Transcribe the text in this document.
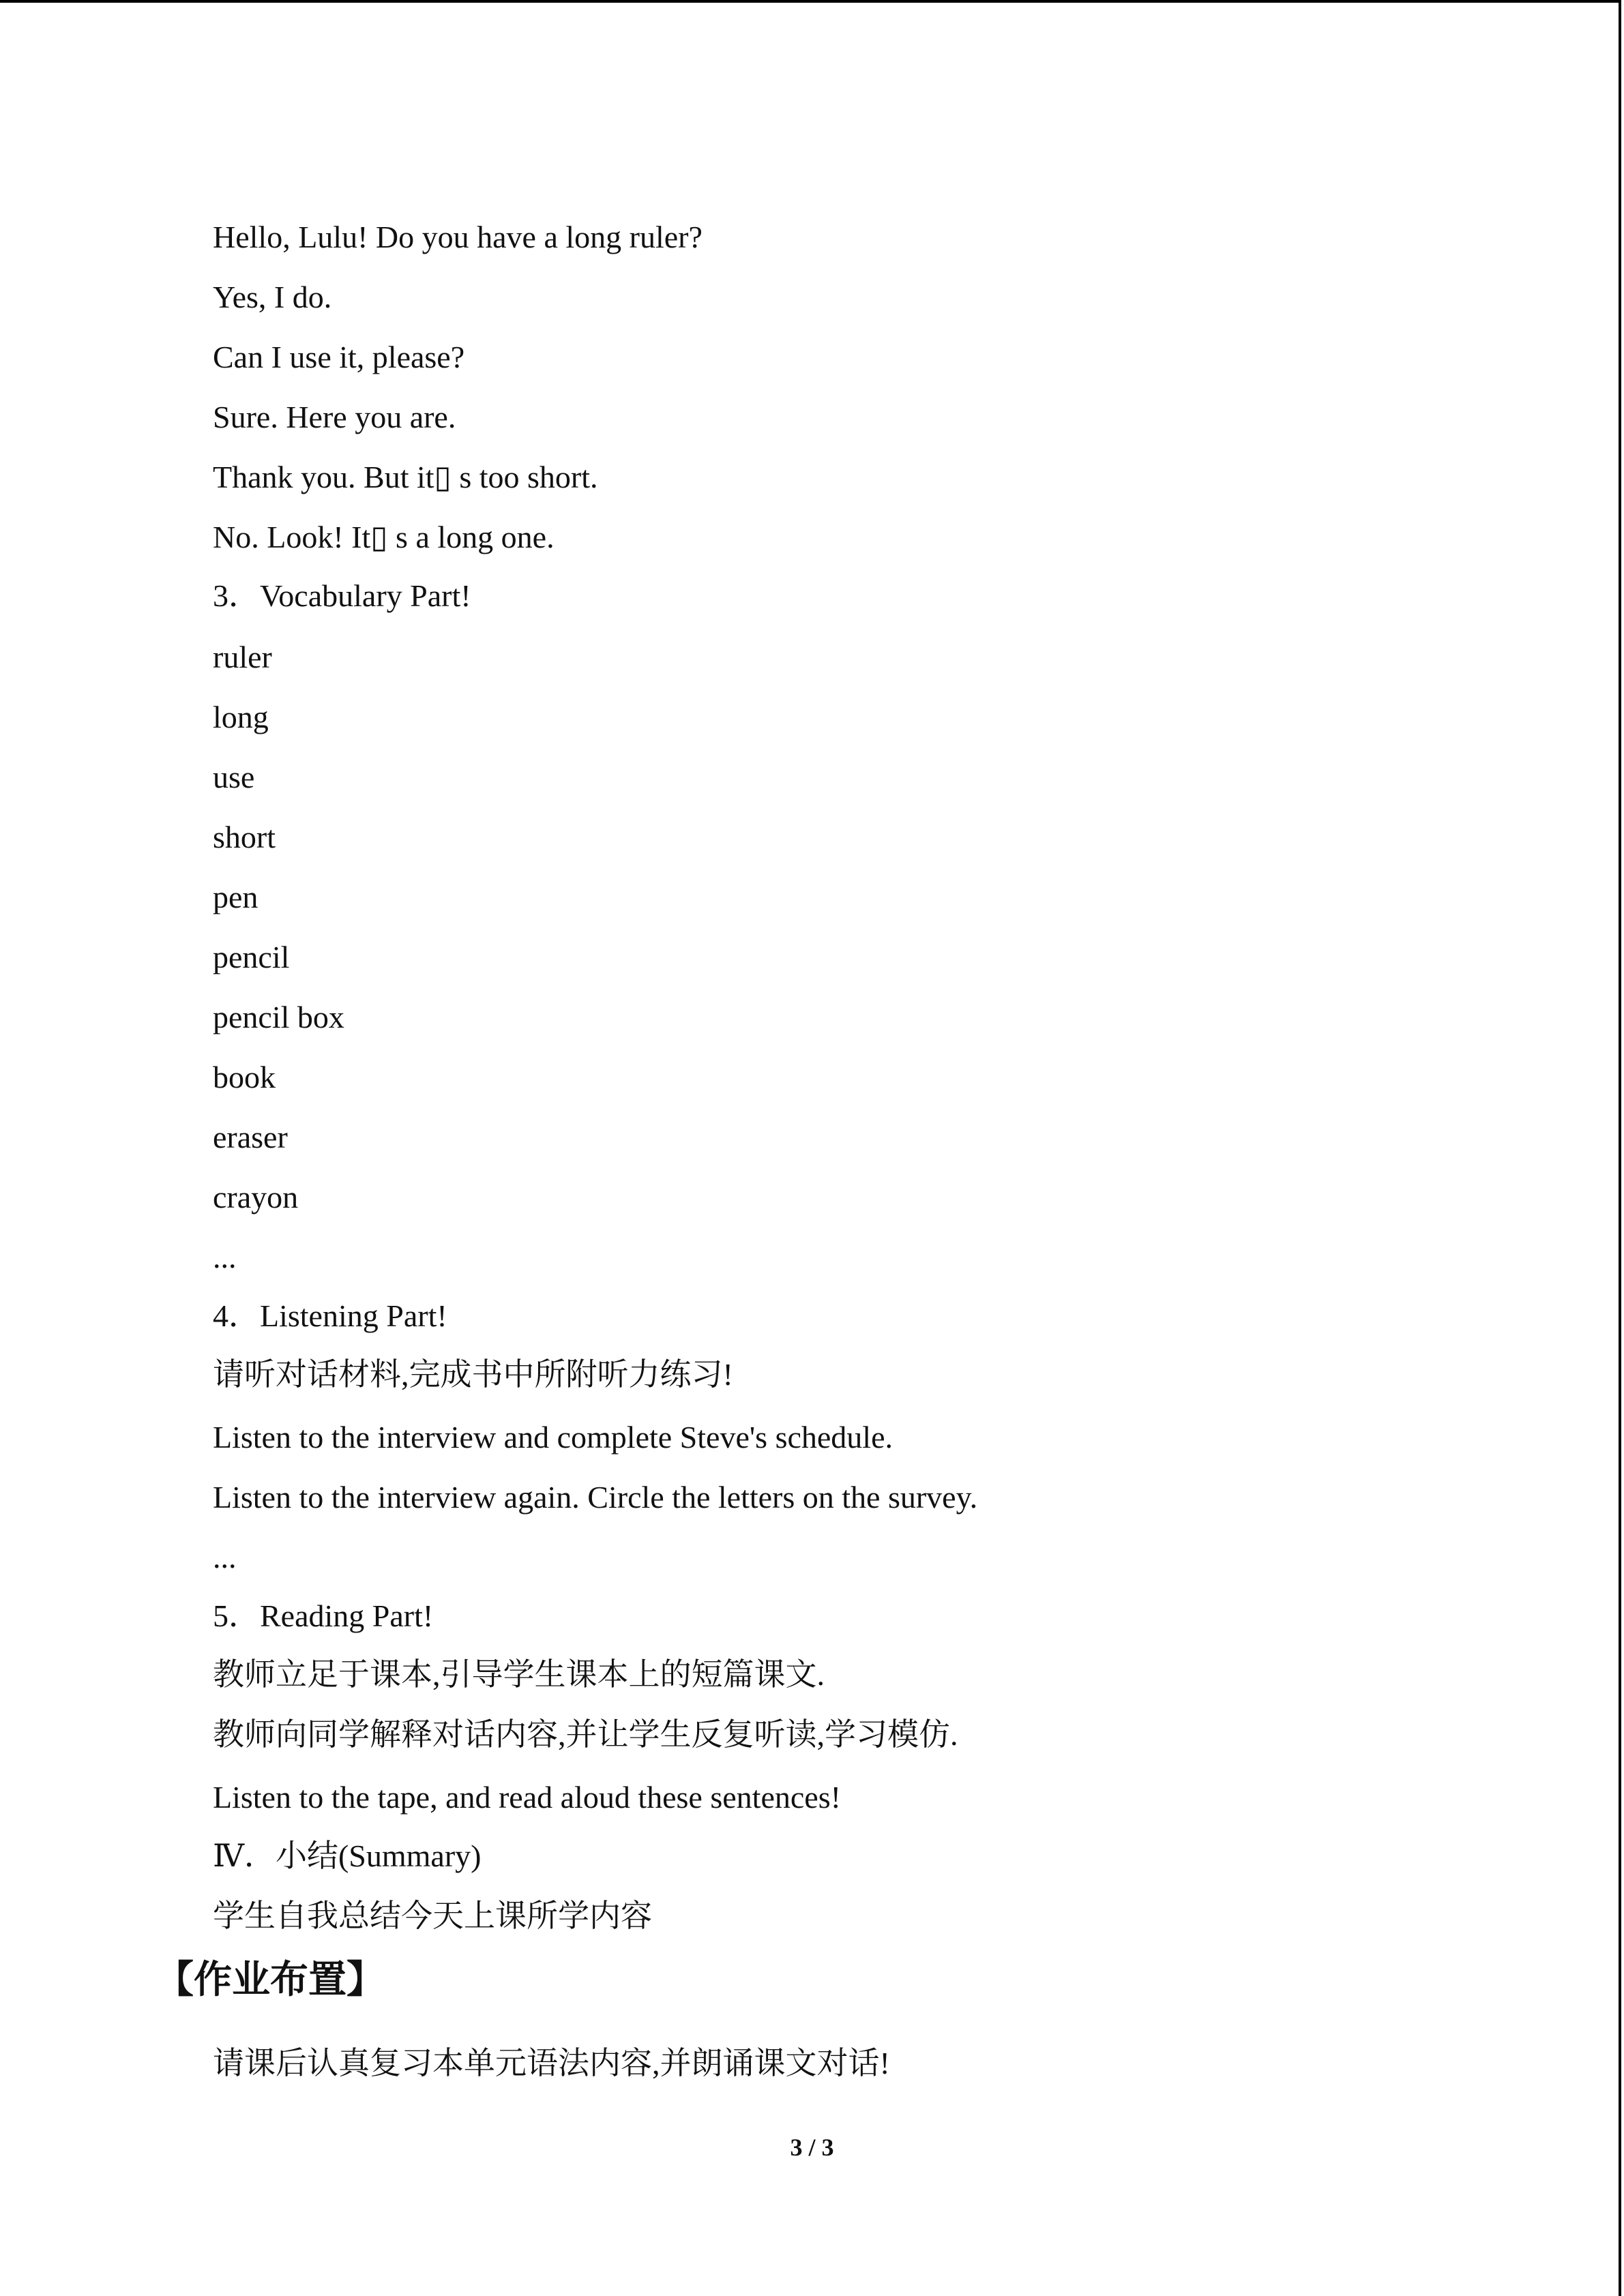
Hello, Lulu! Do you have a long ruler?
Yes, I do.
Can I use it, please?
Sure. Here you are.
Thank you. But it▯ s too short.
No. Look! It▯ s a long one.
3．Vocabulary Part!
ruler
long
use
short
pen
pencil
pencil box
book
eraser
crayon
...
4．Listening Part!
请听对话材料,完成书中所附听力练习!
Listen to the interview and complete Steve's schedule.
Listen to the interview again. Circle the letters on the survey.
...
5．Reading Part!
教师立足于课本,引导学生课本上的短篇课文.
教师向同学解释对话内容,并让学生反复听读,学习模仿.
Listen to the tape, and read aloud these sentences!
Ⅳ．小结(Summary)
学生自我总结今天上课所学内容
【作业布置】
请课后认真复习本单元语法内容,并朗诵课文对话!
3 / 3
